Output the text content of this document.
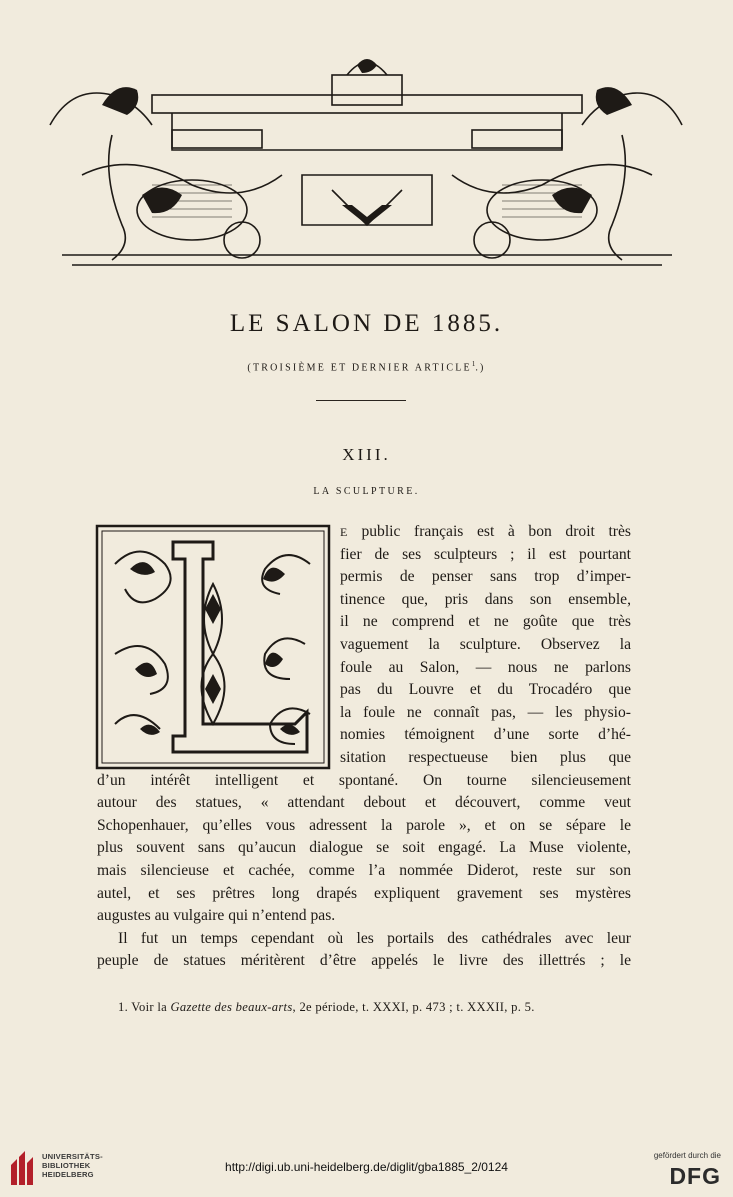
LE SALON DE 1885.
(TROISIÈME ET DERNIER ARTICLE$^1$.)
XIII.
LA SCULPTURE.
E public français est à bon droit très
fier de ses sculpteurs ; il est pourtant
permis de penser sans trop d’imper-
tinence que, pris dans son ensemble,
il ne comprend et ne goûte que très
vaguement la sculpture. Observez la
foule au Salon, — nous ne parlons
pas du Louvre et du Trocadéro que
la foule ne connaît pas, — les physio-
nomies témoignent d’une sorte d’hé-
sitation respectueuse bien plus que
d’un intérêt intelligent et spontané. On tourne silencieusement
autour des statues, « attendant debout et découvert, comme veut
Schopenhauer, qu’elles vous adressent la parole », et on se sépare le
plus souvent sans qu’aucun dialogue se soit engagé. La Muse violente,
mais silencieuse et cachée, comme l’a nommée Diderot, reste sur son
autel, et ses prêtres long drapés expliquent gravement ses mystères
augustes au vulgaire qui n’entend pas.
Il fut un temps cependant où les portails des cathédrales avec leur
peuple de statues méritèrent d’être appelés le livre des illettrés ; le
1. Voir la Gazette des beaux-arts, 2e période, t. XXXI, p. 473 ; t. XXXII, p. 5.
UNIVERSITÄTS-
BIBLIOTHEK
HEIDELBERG
http://digi.ub.uni-heidelberg.de/diglit/gba1885_2/0124
gefördert durch die
DFG
